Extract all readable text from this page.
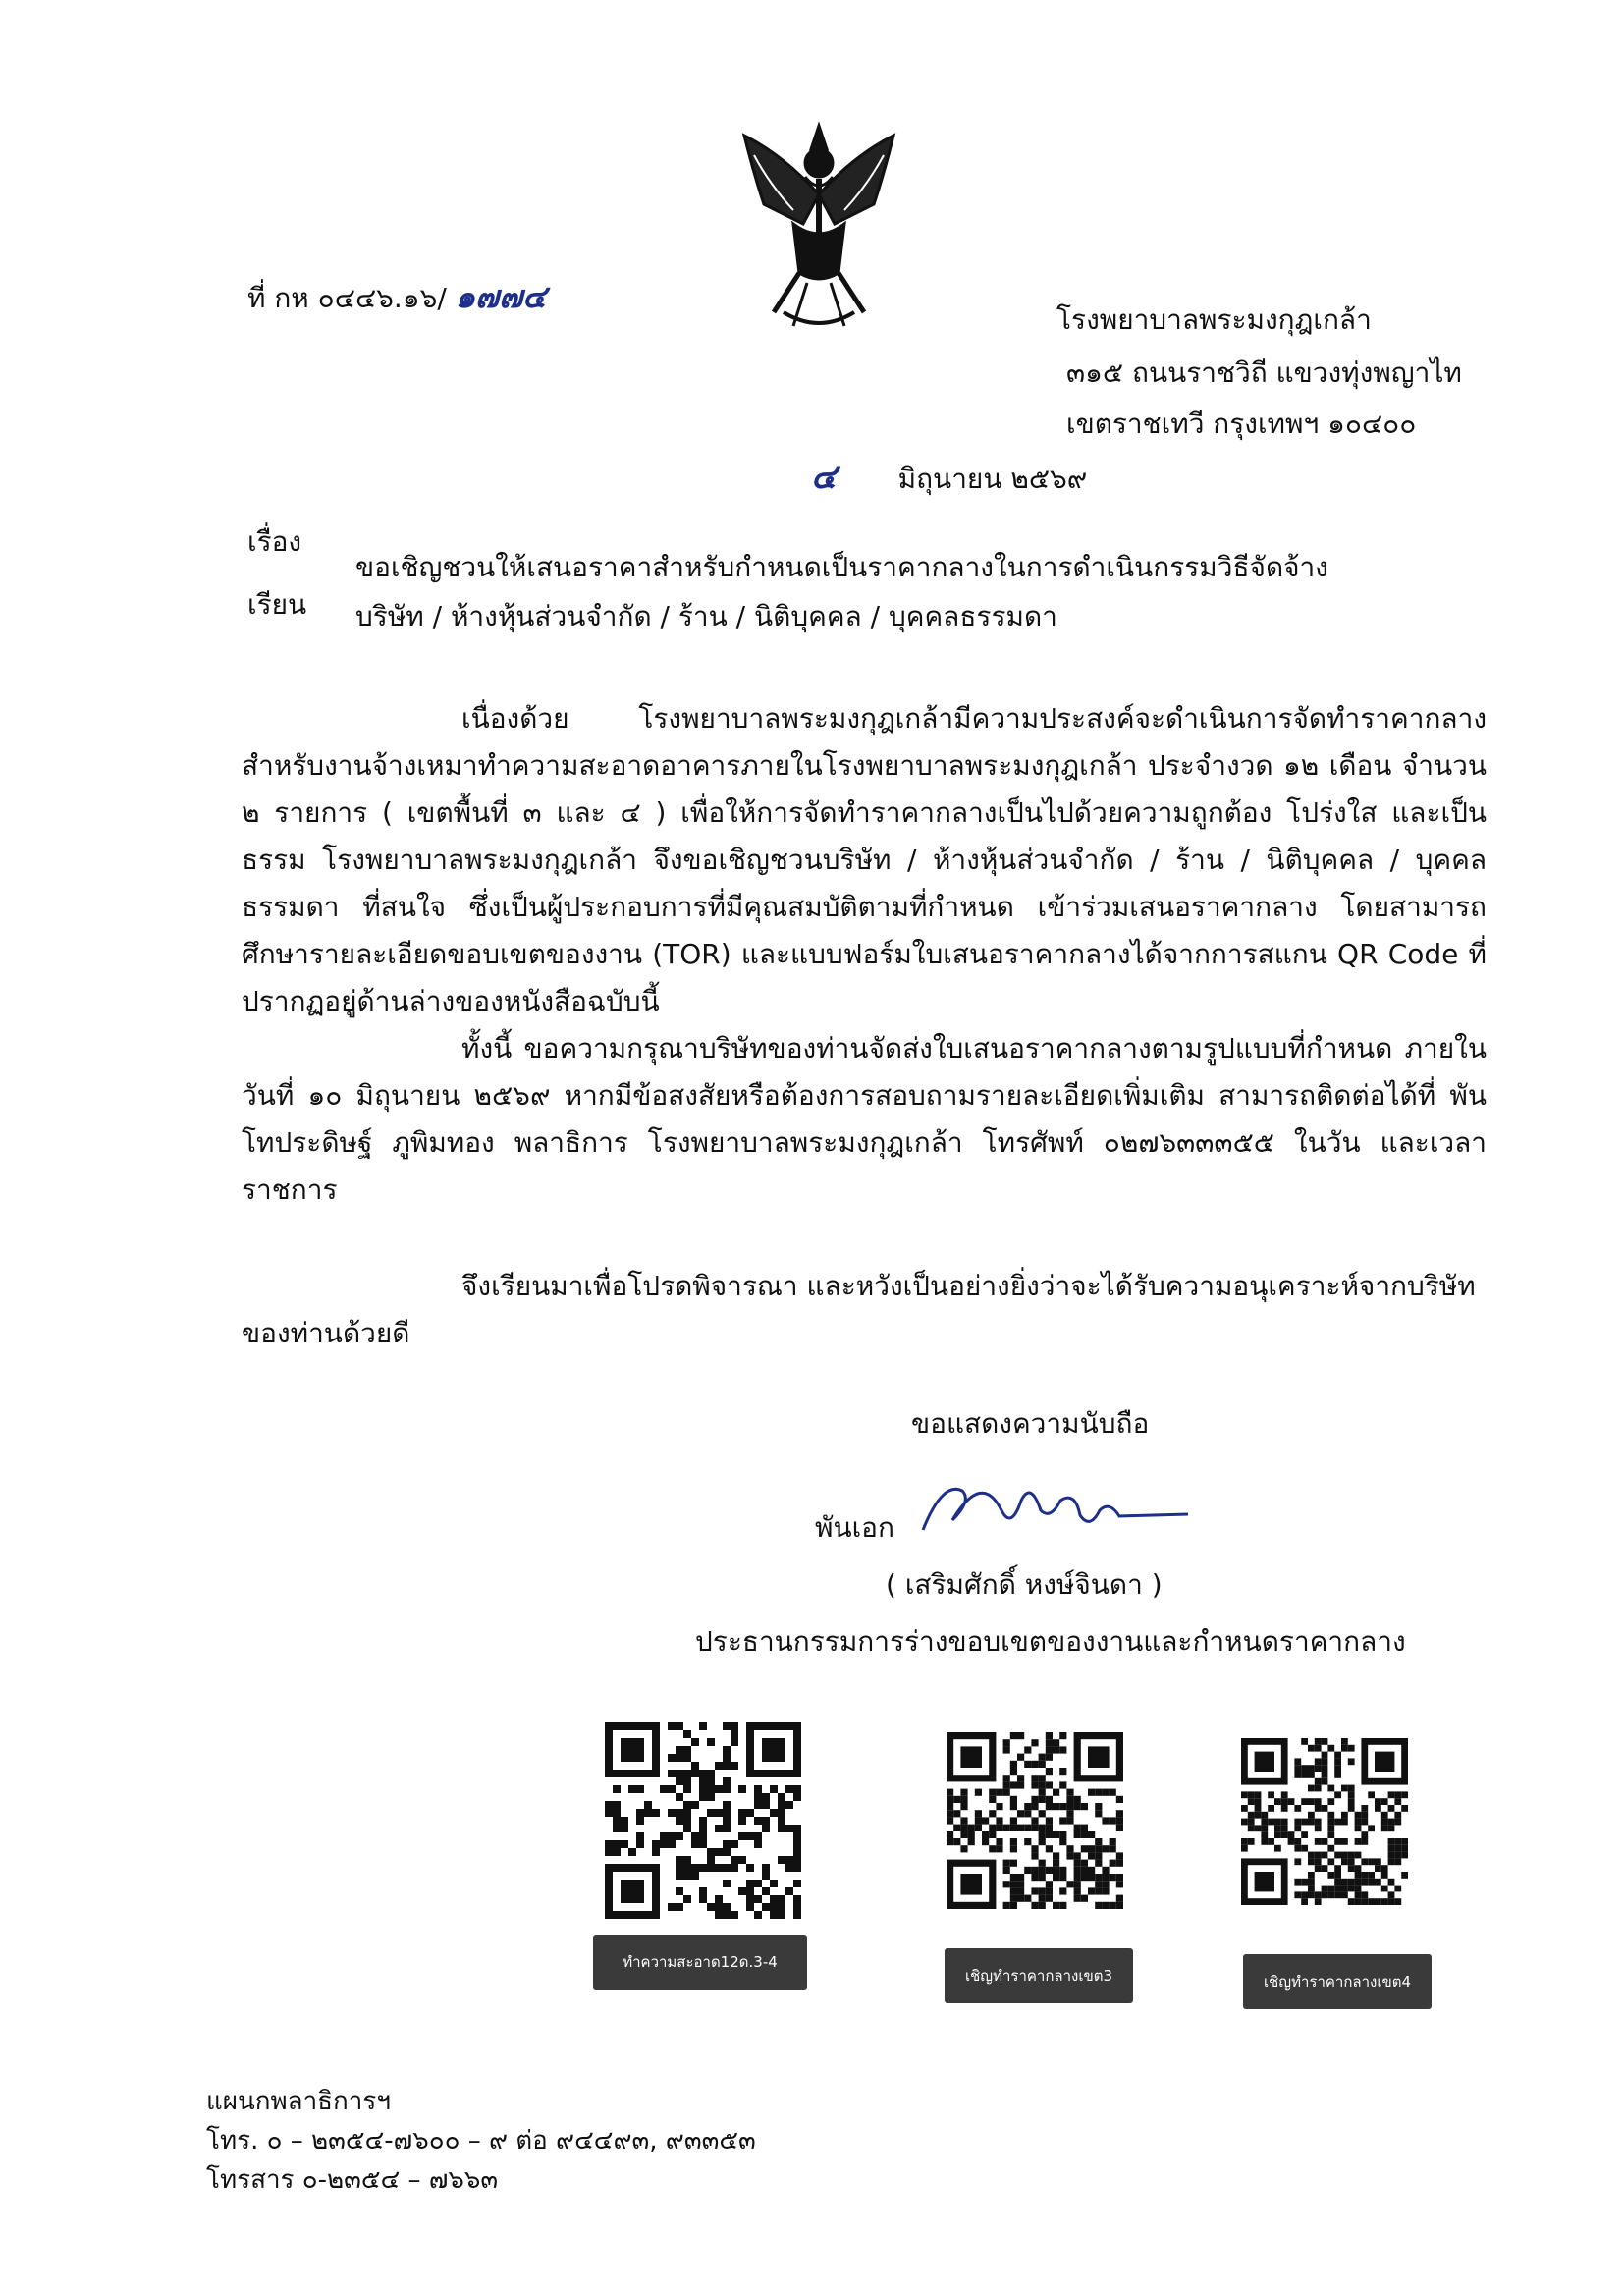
ที่ กห ๐๔๔๖.๑๖/ ๑๗๗๔
โรงพยาบาลพระมงกุฎเกล้า
๓๑๕ ถนนราชวิถี แขวงทุ่งพญาไท
เขตราชเทวี กรุงเทพฯ ๑๐๔๐๐
๔ มิถุนายน ๒๕๖๙
เรื่อง
ขอเชิญชวนให้เสนอราคาสำหรับกำหนดเป็นราคากลางในการดำเนินกรรมวิธีจัดจ้าง
เรียน บริษัท / ห้างหุ้นส่วนจำกัด / ร้าน / นิติบุคคล / บุคคลธรรมดา

เนื่องด้วย โรงพยาบาลพระมงกุฎเกล้ามีความประสงค์จะดำเนินการจัดทำราคากลาง สำหรับงานจ้างเหมาทำความสะอาดอาคารภายในโรงพยาบาลพระมงกุฎเกล้า ประจำงวด ๑๒ เดือน จำนวน ๒ รายการ ( เขตพื้นที่ ๓ และ ๔ ) เพื่อให้การจัดทำราคากลางเป็นไปด้วยความถูกต้อง โปร่งใส และเป็นธรรม โรงพยาบาลพระมงกุฎเกล้า จึงขอเชิญชวนบริษัท / ห้างหุ้นส่วนจำกัด / ร้าน / นิติบุคคล / บุคคลธรรมดา ที่สนใจ ซึ่งเป็นผู้ประกอบการที่มีคุณสมบัติตามที่กำหนด เข้าร่วมเสนอราคากลาง โดยสามารถศึกษารายละเอียดขอบเขตของงาน (TOR) และแบบฟอร์มใบเสนอราคากลางได้จากการสแกน QR Code ที่ปรากฏอยู่ด้านล่างของหนังสือฉบับนี้

ทั้งนี้ ขอความกรุณาบริษัทของท่านจัดส่งใบเสนอราคากลางตามรูปแบบที่กำหนด ภายในวันที่ ๑๐ มิถุนายน ๒๕๖๙ หากมีข้อสงสัยหรือต้องการสอบถามรายละเอียดเพิ่มเติม สามารถติดต่อได้ที่ พันโทประดิษฐ์ ภูพิมทอง พลาธิการ โรงพยาบาลพระมงกุฎเกล้า โทรศัพท์ ๐๒๗๖๓๓๓๕๕ ในวัน และเวลาราชการ

จึงเรียนมาเพื่อโปรดพิจารณา และหวังเป็นอย่างยิ่งว่าจะได้รับความอนุเคราะห์จากบริษัท ของท่านด้วยดี

ขอแสดงความนับถือ
พันเอก
( เสริมศักดิ์ หงษ์จินดา )
ประธานกรรมการร่างขอบเขตของงานและกำหนดราคากลาง
ทำความสะอาด12ด.3-4
เชิญทำราคากลางเขต3	เชิญทำราคากลางเขต4
แผนกพลาธิการฯ
โทร. ๐ – ๒๓๕๔-๗๖๐๐ – ๙ ต่อ ๙๔๔๙๓, ๙๓๓๕๓
โทรสาร ๐-๒๓๕๔ – ๗๖๖๓
